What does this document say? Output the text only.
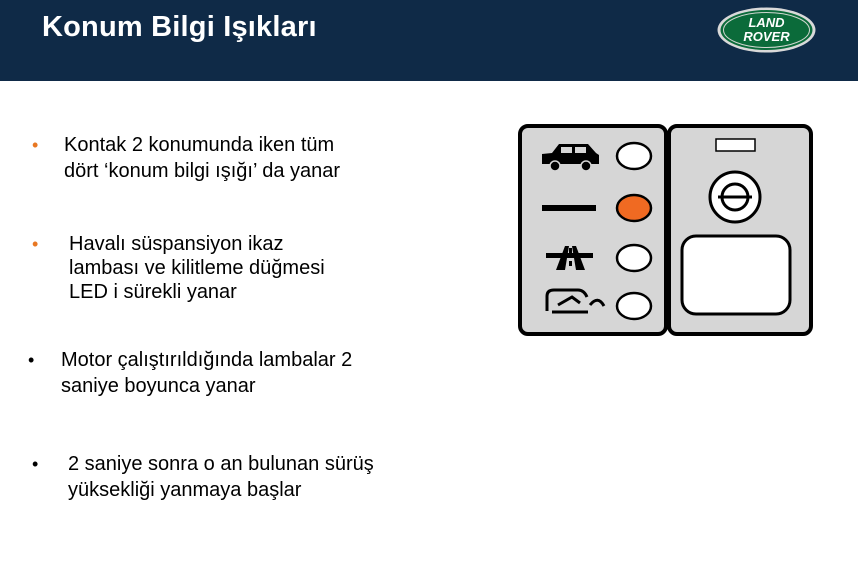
Konum Bilgi Işıkları	LAND
ROVER
• Kontak 2 konumunda iken tüm
dört ‘konum bilgi ışığı’ da yanar
• Havalı süspansiyon ikaz
lambası ve kilitleme düğmesi
LED i sürekli yanar
• Motor çalıştırıldığında lambalar 2
saniye boyunca yanar
• 2 saniye sonra o an bulunan sürüş
yüksekliği yanmaya başlar
